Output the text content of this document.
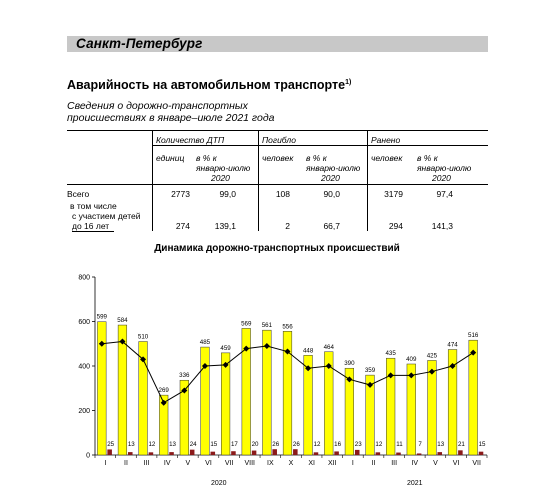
Санкт-Петербург
Аварийность на автомобильном транспорте$^{1)}$
Сведения о дорожно-транспортных
происшествиях в январе–июле 2021 года
Количество ДТП	Погибло	Ранено
единиц в % к
январю-июлю
2020
человек в % к
январю-июлю
2020
человек в % к
январю-июлю
2020
Всего	2773	99,0	108	90,0	3179	97,4
в том числе
с участием детей
до 16 лет	274	139,1	2	66,7	294	141,3
Динамика дорожно-транспортных происшествий
0
200
400
600
800
599
25
I
584
13
II
510
12
III
269
13
IV
336
24
V
485
15
VI
459
17
VII
569
20
VIII
561
26
IX
556
26
X
448
12
XI
464
16
XII
390
23
I
359
12
II
435
11
III
409
7
IV
425
13
V
474
21
VI
516
15
VII
2020	2021
